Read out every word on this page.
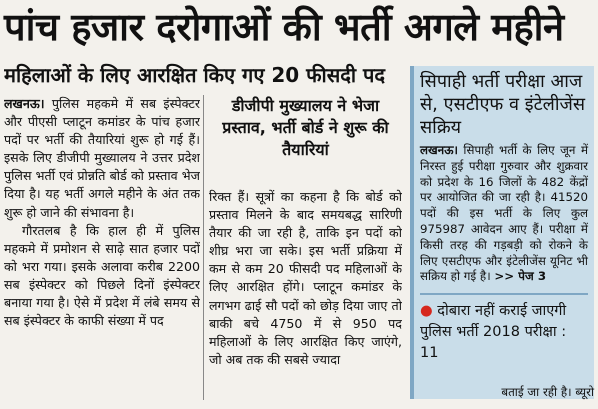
पांच हजार दरोगाओं की भर्ती अगले महीने
महिलाओं के लिए आरक्षित किए गए 20 फीसदी पद

लखनऊ। पुलिस महकमे में सब इंस्पेक्टर और पीएसी प्लाटून कमांडर के पांच हजार पदों पर भर्ती की तैयारियां शुरू हो गई हैं। इसके लिए डीजीपी मुख्यालय ने उत्तर प्रदेश पुलिस भर्ती एवं प्रोन्नति बोर्ड को प्रस्ताव भेज दिया है। यह भर्ती अगले महीने के अंत तक शुरू हो जाने की संभावना है।

गौरतलब है कि हाल ही में पुलिस महकमे में प्रमोशन से साढ़े सात हजार पदों को भरा गया। इसके अलावा करीब 2200 सब इंस्पेक्टर को पिछले दिनों इंस्पेक्टर बनाया गया है। ऐसे में प्रदेश में लंबे समय से सब इंस्पेक्टर के काफी संख्या में पद

डीजीपी मुख्यालय ने भेजा प्रस्ताव, भर्ती बोर्ड ने शुरू की तैयारियां

रिक्त हैं। सूत्रों का कहना है कि बोर्ड को प्रस्ताव मिलने के बाद समयबद्ध सारिणी तैयार की जा रही है, ताकि इन पदों को शीघ्र भरा जा सके। इस भर्ती प्रक्रिया में कम से कम 20 फीसदी पद महिलाओं के लिए आरक्षित होंगे। प्लाटून कमांडर के लगभग ढाई सौ पदों को छोड़ दिया जाए तो बाकी बचे 4750 में से 950 पद महिलाओं के लिए आरक्षित किए जाएंगे, जो अब तक की सबसे ज्यादा

सिपाही भर्ती परीक्षा आज से, एसटीएफ व इंटेलीजेंस सक्रिय

लखनऊ। सिपाही भर्ती के लिए जून में निरस्त हुई परीक्षा गुरुवार और शुक्रवार को प्रदेश के 16 जिलों के 482 केंद्रों पर आयोजित की जा रही है। 41520 पदों की इस भर्ती के लिए कुल 975987 आवेदन आए हैं। परीक्षा में किसी तरह की गड़बड़ी को रोकने के लिए एसटीएफ और इंटेलीजेंस यूनिट भी सक्रिय हो गई है। >> पेज 3

● दोबारा नहीं कराई जाएगी पुलिस भर्ती 2018 परीक्षा : 11
बताई जा रही है। ब्यूरो
